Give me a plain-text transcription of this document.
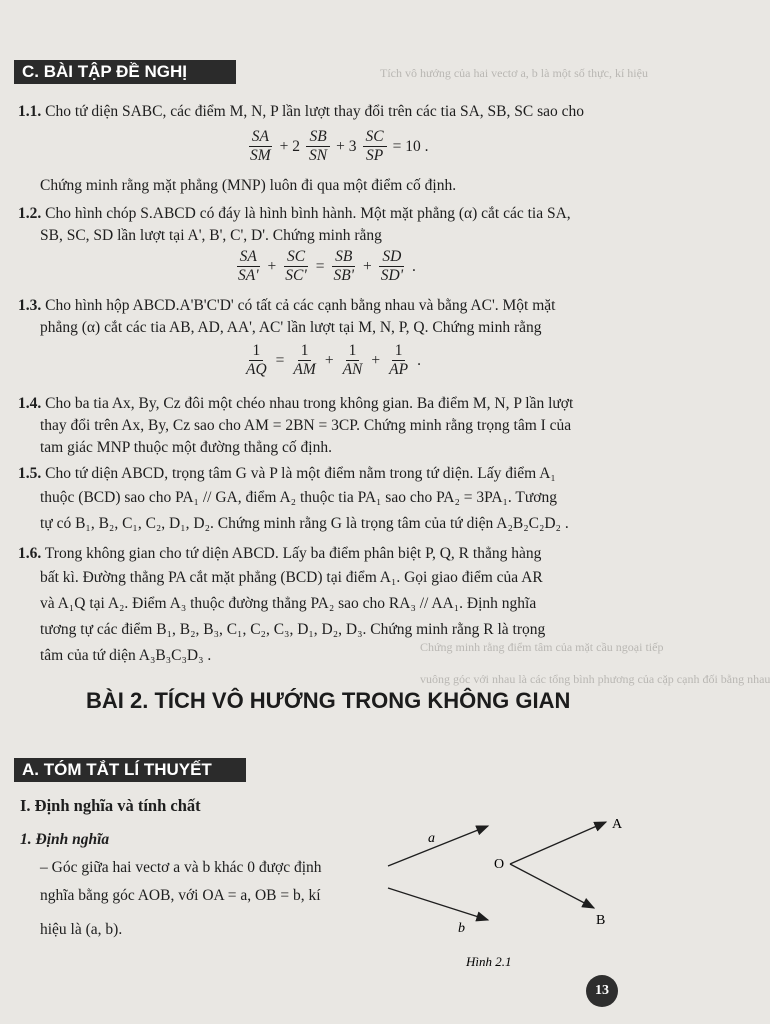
Tích vô hướng của hai vectơ a, b là một số thực, kí hiệu
Chứng minh rằng điểm tâm của mặt cầu ngoại tiếp
vuông góc với nhau là các tổng bình phương của cặp cạnh đối bằng nhau
C. BÀI TẬP ĐỀ NGHỊ
1.1. Cho tứ diện SABC, các điểm M, N, P lần lượt thay đổi trên các tia SA, SB, SC sao cho
$\frac{SA}{SM} + 2 \frac{SB}{SN} + 3 \frac{SC}{SP} = 10$ .
Chứng minh rằng mặt phẳng (MNP) luôn đi qua một điểm cố định.
1.2. Cho hình chóp S.ABCD có đáy là hình bình hành. Một mặt phẳng (α) cắt các tia SA,
SB, SC, SD lần lượt tại A', B', C', D'. Chứng minh rằng
$\frac{SA}{SA'} + \frac{SC}{SC'} = \frac{SB}{SB'} + \frac{SD}{SD'}$ .
1.3. Cho hình hộp ABCD.A'B'C'D' có tất cả các cạnh bằng nhau và bằng AC'. Một mặt
phẳng (α) cắt các tia AB, AD, AA', AC' lần lượt tại M, N, P, Q. Chứng minh rằng
$\frac{1}{AQ} = \frac{1}{AM} + \frac{1}{AN} + \frac{1}{AP}$ .
1.4. Cho ba tia Ax, By, Cz đôi một chéo nhau trong không gian. Ba điểm M, N, P lần lượt
thay đổi trên Ax, By, Cz sao cho AM = 2BN = 3CP. Chứng minh rằng trọng tâm I của
tam giác MNP thuộc một đường thẳng cố định.
1.5. Cho tứ diện ABCD, trọng tâm G và P là một điểm nằm trong tứ diện. Lấy điểm A₁
thuộc (BCD) sao cho PA₁ // GA, điểm A₂ thuộc tia PA₁ sao cho PA₂ = 3PA₁. Tương
tự có B₁, B₂, C₁, C₂, D₁, D₂. Chứng minh rằng G là trọng tâm của tứ diện A₂B₂C₂D₂ .
1.6. Trong không gian cho tứ diện ABCD. Lấy ba điểm phân biệt P, Q, R thẳng hàng
bất kì. Đường thẳng PA cắt mặt phẳng (BCD) tại điểm A₁. Gọi giao điểm của AR
và A₁Q tại A₂. Điểm A₃ thuộc đường thẳng PA₂ sao cho RA₃ // AA₁. Định nghĩa
tương tự các điểm B₁, B₂, B₃, C₁, C₂, C₃, D₁, D₂, D₃. Chứng minh rằng R là trọng
tâm của tứ diện A₃B₃C₃D₃ .
BÀI 2. TÍCH VÔ HƯỚNG TRONG KHÔNG GIAN
A. TÓM TẮT LÍ THUYẾT
I. Định nghĩa và tính chất
1. Định nghĩa
– Góc giữa hai vectơ a và b khác 0 được định
nghĩa bằng góc AOB, với OA = a, OB = b, kí
hiệu là (a, b).
a
b
O
A
B
Hình 2.1
13
